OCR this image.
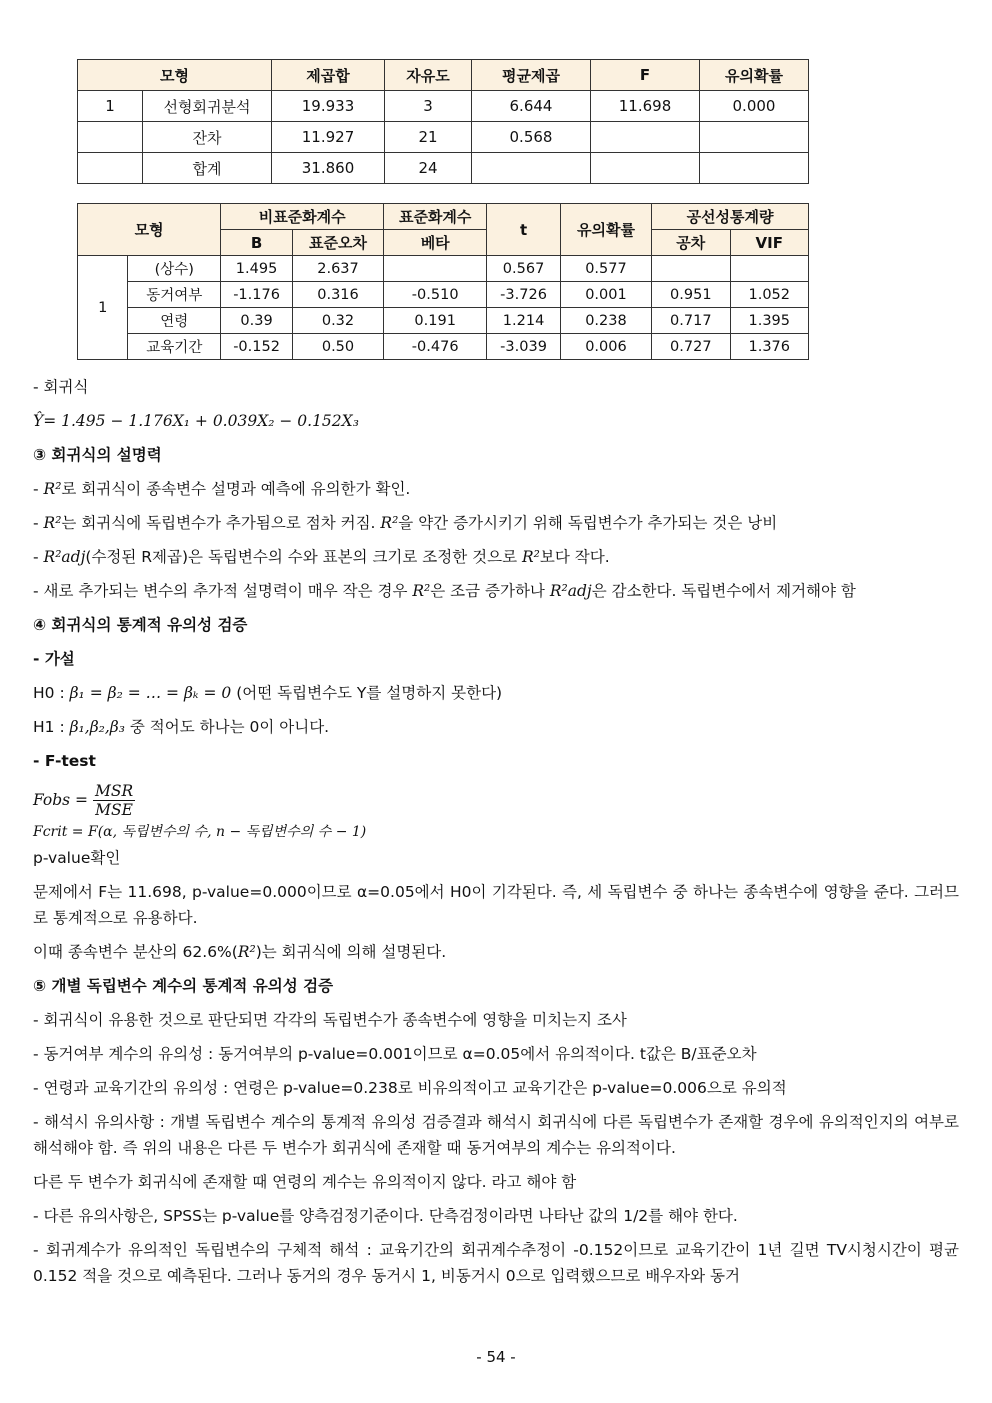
모형		제곱합	자유도	평균제곱	F	유의확률
1	선형회귀분석	19.933	3	6.644	11.698	0.000
	잔차	11.927	21	0.568		
	합계	31.860	24			
모형		비표준화계수		표준화계수	t	유의확률	공선성통계량	
		B	표준오차	베타			공차	VIF
1	(상수)	1.495	2.637		0.567	0.577		
	동거여부	-1.176	0.316	-0.510	-3.726	0.001	0.951	1.052
	연령	0.39	0.32	0.191	1.214	0.238	0.717	1.395
	교육기간	-0.152	0.50	-0.476	-3.039	0.006	0.727	1.376

- 회귀식

Ŷ= 1.495 − 1.176X₁ + 0.039X₂ − 0.152X₃

③ 회귀식의 설명력

- R²로 회귀식이 종속변수 설명과 예측에 유의한가 확인.

- R²는 회귀식에 독립변수가 추가됨으로 점차 커짐. R²을 약간 증가시키기 위해 독립변수가 추가되는 것은 낭비

- R²adj(수정된 R제곱)은 독립변수의 수와 표본의 크기로 조정한 것으로 R²보다 작다.

- 새로 추가되는 변수의 추가적 설명력이 매우 작은 경우 R²은 조금 증가하나 R²adj은 감소한다. 독립변수에서 제거해야 함

④ 회귀식의 통계적 유의성 검증

- 가설

H0 : β₁ = β₂ = … = βₖ = 0 (어떤 독립변수도 Y를 설명하지 못한다)

H1 : β₁,β₂,β₃ 중 적어도 하나는 0이 아니다.

- F-test

Fobs = $\frac{\text{MSR}}{\text{MSE}}$

Fcrit = F(α, 독립변수의 수, n − 독립변수의 수 − 1)

p-value확인

문제에서 F는 11.698, p-value=0.000이므로 α=0.05에서 H0이 기각된다. 즉, 세 독립변수 중 하나는 종속변수에 영향을 준다. 그러므로 통계적으로 유용하다.

이때 종속변수 분산의 62.6%(R²)는 회귀식에 의해 설명된다.

⑤ 개별 독립변수 계수의 통계적 유의성 검증

- 회귀식이 유용한 것으로 판단되면 각각의 독립변수가 종속변수에 영향을 미치는지 조사

- 동거여부 계수의 유의성 : 동거여부의 p-value=0.001이므로 α=0.05에서 유의적이다. t값은 B/표준오차

- 연령과 교육기간의 유의성 : 연령은 p-value=0.238로 비유의적이고 교육기간은 p-value=0.006으로 유의적

- 해석시 유의사항 : 개별 독립변수 계수의 통계적 유의성 검증결과 해석시 회귀식에 다른 독립변수가 존재할 경우에 유의적인지의 여부로 해석해야 함. 즉 위의 내용은 다른 두 변수가 회귀식에 존재할 때 동거여부의 계수는 유의적이다.

다른 두 변수가 회귀식에 존재할 때 연령의 계수는 유의적이지 않다. 라고 해야 함

- 다른 유의사항은, SPSS는 p-value를 양측검정기준이다. 단측검정이라면 나타난 값의 1/2를 해야 한다.

- 회귀계수가 유의적인 독립변수의 구체적 해석 : 교육기간의 회귀계수추정이 -0.152이므로 교육기간이 1년 길면 TV시청시간이 평균 0.152 적을 것으로 예측된다. 그러나 동거의 경우 동거시 1, 비동거시 0으로 입력했으므로 배우자와 동거

- 54 -
